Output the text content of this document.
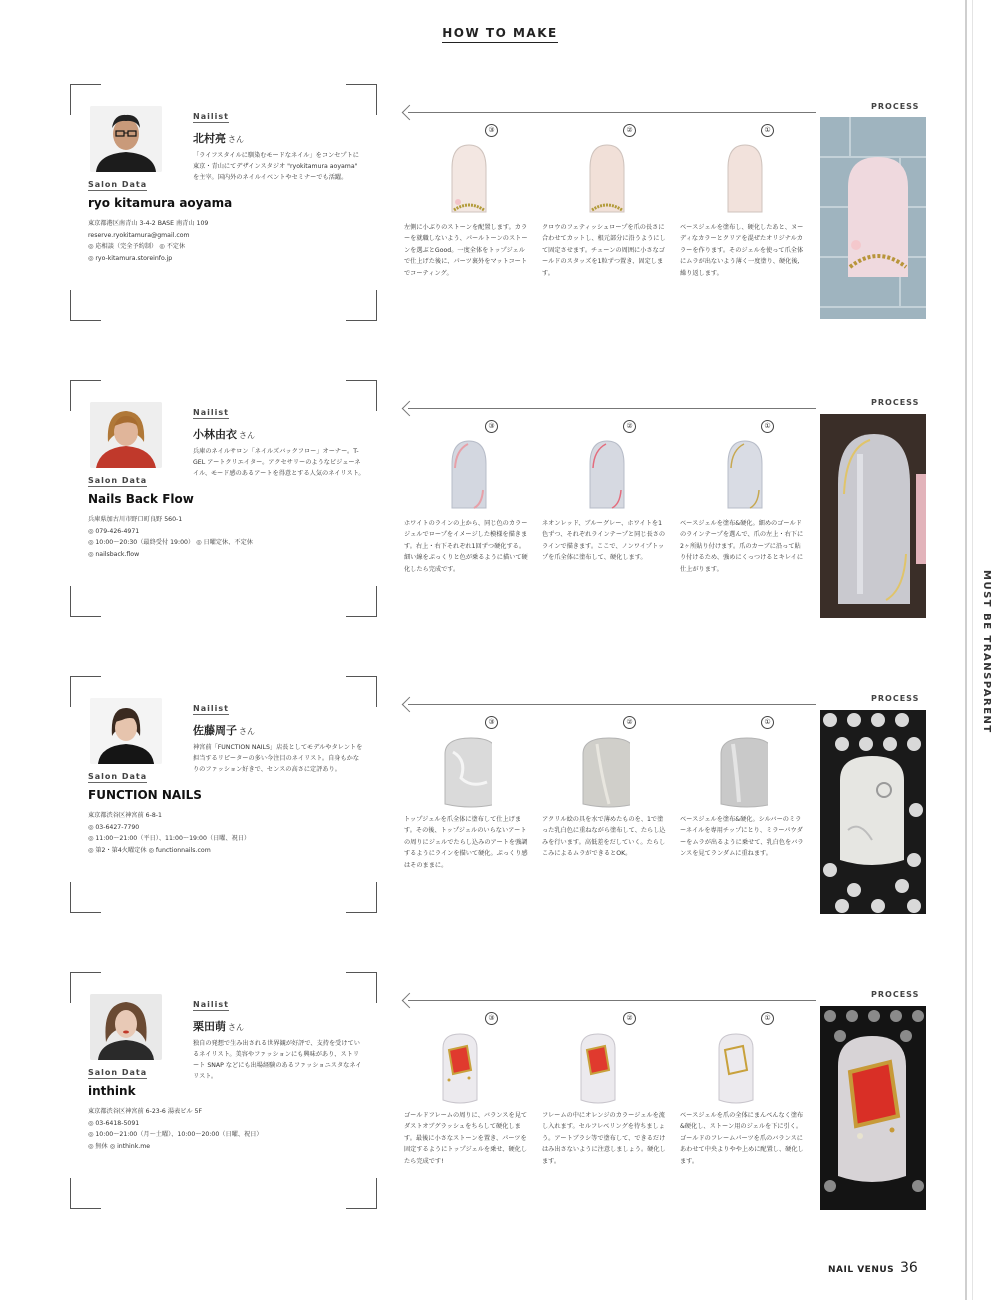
HOW TO MAKE
MUST BE TRANSPARENT
Nailist
北村亮 さん
「ライフスタイルに馴染むモードなネイル」をコンセプトに東京・青山にてデザインスタジオ "ryokitamura aoyama" を主宰。国内外のネイルイベントやセミナーでも活躍。
Salon Data
ryo kitamura aoyama
東京都港区南青山 3-4-2 BASE 南青山 109
reserve.ryokitamura@gmail.com
◎ 応相談（完全予約制） ◎ 不定休
◎ ryo-kitamura.storeinfo.jp
PROCESS
③
左側に小ぶりのストーンを配置します。カラーを就職しないよう、パールトーンのストーンを選ぶとGood。一度全体をトップジェルで仕上げた後に、パーツ裏外をマットコートでコーティング。
②
クロウのフェティッシュロープを爪の長さに合わせてカットし、根元部分に沿うようにして固定させます。チェーンの周囲に小さなゴールドのスタッズを1粒ずつ置き、固定します。
①
ベースジェルを塗布し、硬化したあと、ヌーディなカラーとクリアを混ぜたオリジナルカラーを作ります。そのジェルを使って爪全体にムラが出ないよう薄く一度塗り、硬化後,繰り返します。
Nailist
小林由衣 さん
兵庫のネイルサロン「ネイルズバックフロー」オーナー。T-GEL アートクリエイター。アクセサリーのようなビジューネイル、モード感のあるアートを得意とする人気のネイリスト。
Salon Data
Nails Back Flow
兵庫県加古川市野口町良野 560-1
◎ 079-426-4971
◎ 10:00～20:30（最終受付 19:00） ◎ 日曜定休、不定休
◎ nailsback.flow
PROCESS
③
ホワイトのラインの上から、同じ色のカラージェルでロープをイメージした模様を描きます。右上・右下それぞれ1回ずつ硬化する。細い線をぷっくりと色が乗るように描いて硬化したら完成です。
②
ネオンレッド、ブルーグレー、ホワイトを1色ずつ、それぞれラインテープと同じ長さのラインで描きます。ここで、ノンワイプトップを爪全体に塗布して、硬化します。
①
ベースジェルを塗布&硬化。細めのゴールドのラインテープを選んで、爪の左上・右下に2ヶ所貼り付けます。爪のカーブに沿って貼り付けるため、強めにくっつけるとキレイに仕上がります。
Nailist
佐藤周子 さん
神宮前「FUNCTION NAILS」店長としてモデルやタレントを担当するリピーターの多い今注目のネイリスト。自身もかなりのファッション好きで、センスの高さに定評あり。
Salon Data
FUNCTION NAILS
東京都渋谷区神宮前 6-8-1
◎ 03-6427-7790
◎ 11:00～21:00（平日）、11:00～19:00（日曜、祝日）
◎ 第2・第4火曜定休 ◎ functionnails.com
PROCESS
③
トップジェルを爪全体に塗布して仕上げます。その後、トップジェルのいらないアートの周りにジェルでたらし込みのアートを強調するようにラインを描いて硬化。ぷっくり感はそのままに。
②
アクリル絵の具を水で薄めたものを、1で塗った乳白色に重ねながら塗布して、たらし込みを行います。高低差をだしていく。たらしこみによるムラができるとOK。
①
ベースジェルを塗布&硬化。シルバーのミラーネイルを専用チップにとり、ミラーパウダーをムラが出るように乗せて、乳白色をバランスを見てランダムに重ねます。
Nailist
栗田萌 さん
独自の発想で生み出される世界観が好評で、支持を受けているネイリスト。美容やファッションにも興味があり、ストリート SNAP などにも出場経験のあるファッショニスタなネイリスト。
Salon Data
inthink
東京都渋谷区神宮前 6-23-6 湯表ビル 5F
◎ 03-6418-5091
◎ 10:00～21:00（月～土曜）、10:00～20:00（日曜、祝日）
◎ 無休 ◎ inthink.me
PROCESS
③
ゴールドフレームの周りに、バランスを見てダストオブグラッシュをちらして硬化します。最後に小さなストーンを置き、パーツを固定するようにトップジェルを乗せ、硬化したら完成です!
②
フレームの中にオレンジのカラージェルを流し入れます。セルフレベリングを待ちましょう。アートブラシ等で塗布して、できるだけはみ出さないように注意しましょう。硬化します。
①
ベースジェルを爪の全体にまんべんなく塗布&硬化し、ストーン用のジェルを下に引く。ゴールドのフレームパーツを爪のバランスにあわせて中央よりやや上めに配置し、硬化します。
NAIL VENUS 36
